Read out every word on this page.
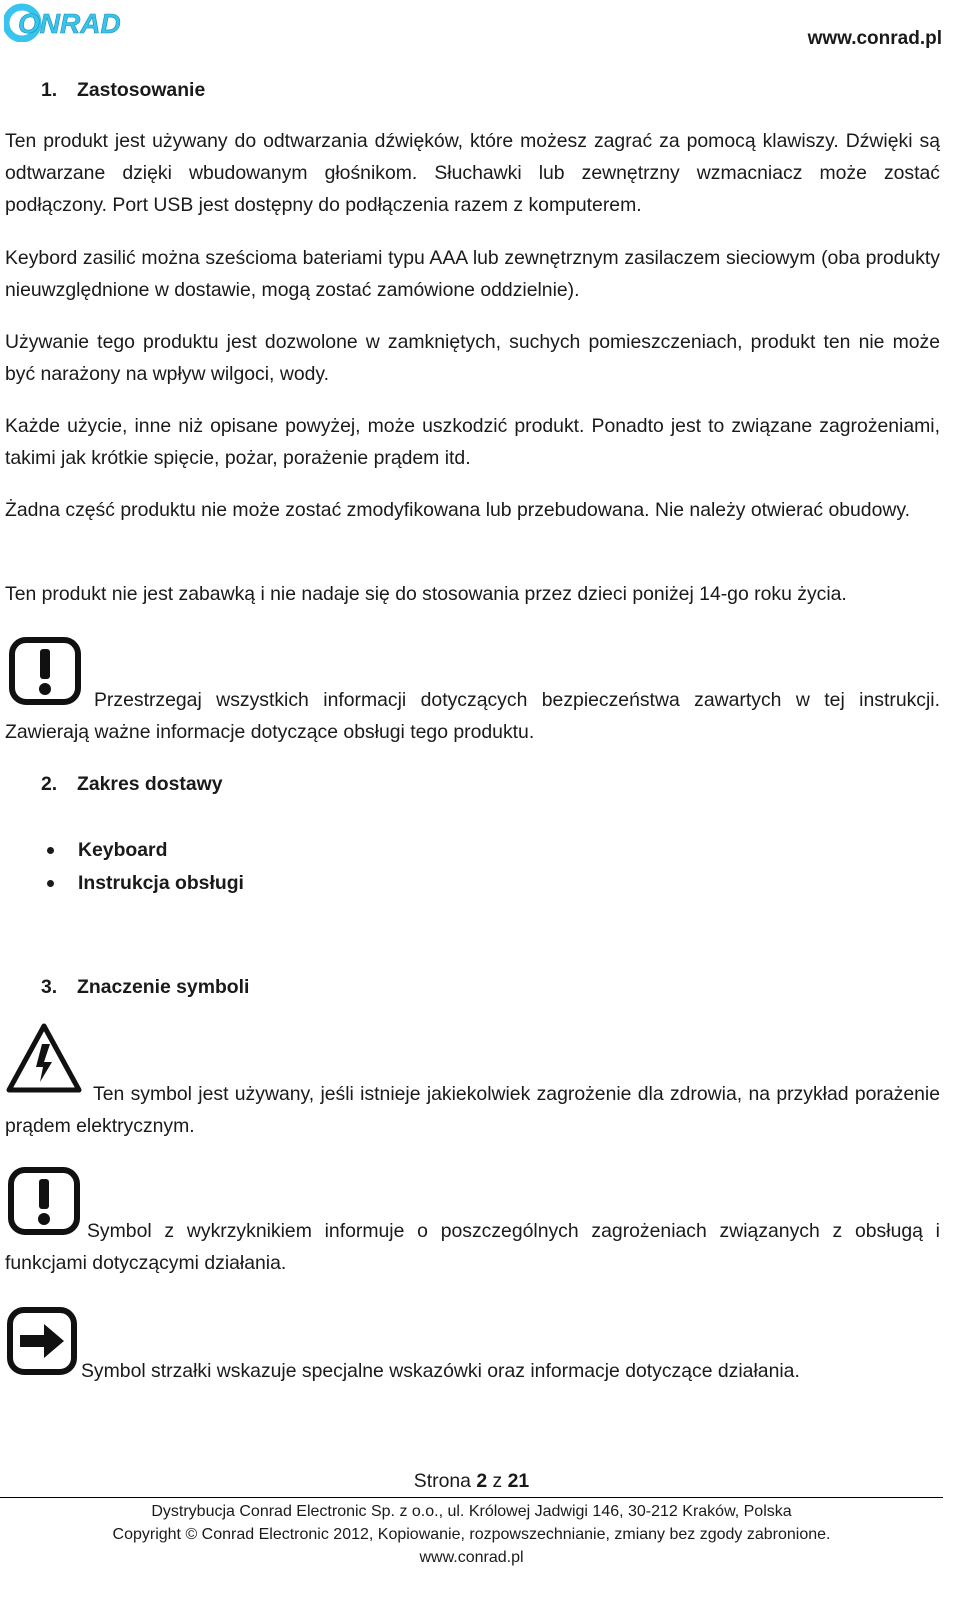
ONRAD	www.conrad.pl
1. Zastosowanie
Ten produkt jest używany do odtwarzania dźwięków, które możesz zagrać za pomocą klawiszy. Dźwięki są odtwarzane dzięki wbudowanym głośnikom. Słuchawki lub zewnętrzny wzmacniacz może zostać podłączony. Port USB jest dostępny do podłączenia razem z komputerem.
Keybord zasilić można sześcioma bateriami typu AAA lub zewnętrznym zasilaczem sieciowym (oba produkty nieuwzględnione w dostawie, mogą zostać zamówione oddzielnie).
Używanie tego produktu jest dozwolone w zamkniętych, suchych pomieszczeniach, produkt ten nie może być narażony na wpływ wilgoci, wody.
Każde użycie, inne niż opisane powyżej, może uszkodzić produkt. Ponadto jest to związane zagrożeniami, takimi jak krótkie spięcie, pożar, porażenie prądem itd.
Żadna część produktu nie może zostać zmodyfikowana lub przebudowana. Nie należy otwierać obudowy.
Ten produkt nie jest zabawką i nie nadaje się do stosowania przez dzieci poniżej 14-go roku życia.
Przestrzegaj wszystkich informacji dotyczących bezpieczeństwa zawartych w tej instrukcji. Zawierają ważne informacje dotyczące obsługi tego produktu.
2. Zakres dostawy
Keyboard
Instrukcja obsługi
3. Znaczenie symboli
Ten symbol jest używany, jeśli istnieje jakiekolwiek zagrożenie dla zdrowia, na przykład porażenie prądem elektrycznym.
Symbol z wykrzyknikiem informuje o poszczególnych zagrożeniach związanych z obsługą i funkcjami dotyczącymi działania.
Symbol strzałki wskazuje specjalne wskazówki oraz informacje dotyczące działania.
Strona 2 z 21
Dystrybucja Conrad Electronic Sp. z o.o., ul. Królowej Jadwigi 146, 30-212 Kraków, Polska
Copyright © Conrad Electronic 2012, Kopiowanie, rozpowszechnianie, zmiany bez zgody zabronione.
www.conrad.pl
